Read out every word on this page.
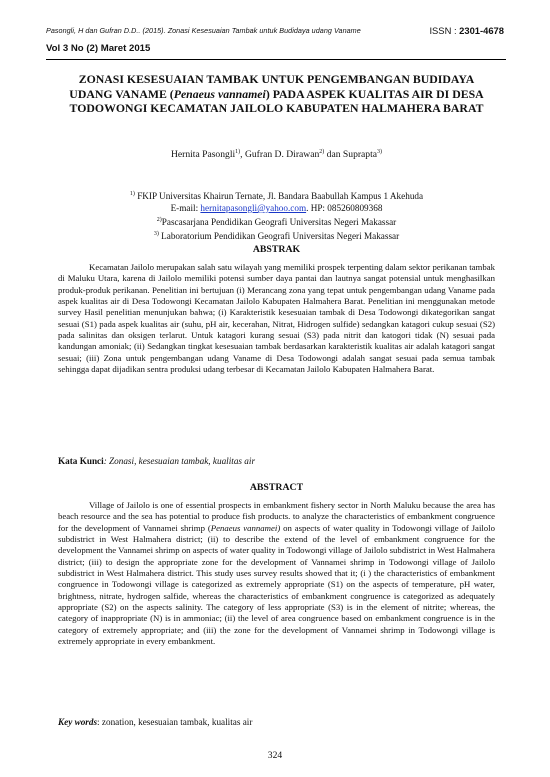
Pasongli, H dan Gufran D.D.. (2015). Zonasi Kesesuaian Tambak untuk Budidaya udang Vaname	ISSN : 2301-4678
Vol 3 No (2) Maret 2015
ZONASI KESESUAIAN TAMBAK UNTUK PENGEMBANGAN BUDIDAYA UDANG VANAME (Penaeus vannamei) PADA ASPEK KUALITAS AIR DI DESA TODOWONGI KECAMATAN JAILOLO KABUPATEN HALMAHERA BARAT
Hernita Pasongli$^{1)}$, Gufran D. Dirawan$^{2)}$ dan Suprapta$^{3)}$
$^{1)}$ FKIP Universitas Khairun Ternate, Jl. Bandara Baabullah Kampus 1 Akehuda
E-mail: hernitapasongli@yahoo.com. HP: 085260809368
$^{2)}$Pascasarjana Pendidikan Geografi Universitas Negeri Makassar
$^{3)}$ Laboratorium Pendidikan Geografi Universitas Negeri Makassar
ABSTRAK
Kecamatan Jailolo merupakan salah satu wilayah yang memiliki prospek terpenting dalam sektor perikanan tambak di Maluku Utara, karena di Jailolo memiliki potensi sumber daya pantai dan lautnya sangat potensial untuk menghasilkan produk-produk perikanan. Penelitian ini bertujuan (i) Merancang zona yang tepat untuk pengembangan udang Vaname pada aspek kualitas air di Desa Todowongi Kecamatan Jailolo Kabupaten Halmahera Barat. Penelitian ini menggunakan metode survey Hasil penelitian menunjukan bahwa; (i) Karakteristik kesesuaian tambak di Desa Todowongi dikategorikan sangat sesuai (S1) pada aspek kualitas air (suhu, pH air, kecerahan, Nitrat, Hidrogen sulfide) sedangkan katagori cukup sesuai (S2) pada salinitas dan oksigen terlarut. Untuk katagori kurang sesuai (S3) pada nitrit dan katogori tidak (N) sesuai pada kandungan amoniak; (ii) Sedangkan tingkat kesesuaian tambak berdasarkan karakteristik kualitas air adalah katagori sangat sesuai; (iii) Zona untuk pengembangan udang Vaname di Desa Todowongi adalah sangat sesuai pada semua tambak sehingga dapat dijadikan sentra produksi udang terbesar di Kecamatan Jailolo Kabupaten Halmahera Barat.
Kata Kunci: Zonasi, kesesuaian tambak, kualitas air
ABSTRACT
Village of Jailolo is one of essential prospects in embankment fishery sector in North Maluku because the area has beach resource and the sea has potential to produce fish products. to analyze the characteristics of embankment congruence for the development of Vannamei shrimp (Penaeus vannamei) on aspects of water quality in Todowongi village of Jailolo subdistrict in West Halmahera district; (ii) to describe the extend of the level of embankment congruence for the development the Vannamei shrimp on aspects of water quality in Todowongi village of Jailolo subdistrict in West Halmahera district; (iii) to design the appropriate zone for the development of Vannamei shrimp in Todowongi village of Jailolo subdistrict in West Halmahera district. This study uses survey results showed that it; (i ) the characteristics of embankment congruence in Todowongi village is categorized as extremely appropriate (S1) on the aspects of temperature, pH water, brightness, nitrate, hydrogen salfide, whereas the characteristics of embankment congruence is categorized as adequately appropriate (S2) on the aspects salinity. The category of less appropriate (S3) is in the element of nitrite; whereas, the category of inappropriate (N) is in ammoniac; (ii) the level of area congruence based on embankment congruence is in the category of extremely appropriate; and (iii) the zone for the development of Vannamei shrimp in Todowongi village is extremely appropriate in every embankment.
Key words: zonation, kesesuaian tambak, kualitas air
324
